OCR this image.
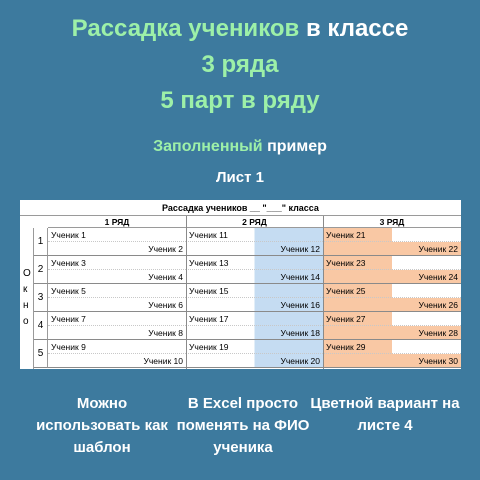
Рассадка учеников в классе
3 ряда
5 парт в ряду
Заполненный пример
Лист 1
Рассадка учеников __ "___" класса
1 РЯД	2 РЯД	3 РЯД
О
к
н
о
1
Ученик 1
Ученик 2
Ученик 11
Ученик 12
Ученик 21
Ученик 22
2
Ученик 3
Ученик 4
Ученик 13
Ученик 14
Ученик 23
Ученик 24
3
Ученик 5
Ученик 6
Ученик 15
Ученик 16
Ученик 25
Ученик 26
4
Ученик 7
Ученик 8
Ученик 17
Ученик 18
Ученик 27
Ученик 28
5
Ученик 9
Ученик 10
Ученик 19
Ученик 20
Ученик 29
Ученик 30
Можно использовать как шаблон
В Excel просто поменять на ФИО ученика
Цветной вариант на листе 4
